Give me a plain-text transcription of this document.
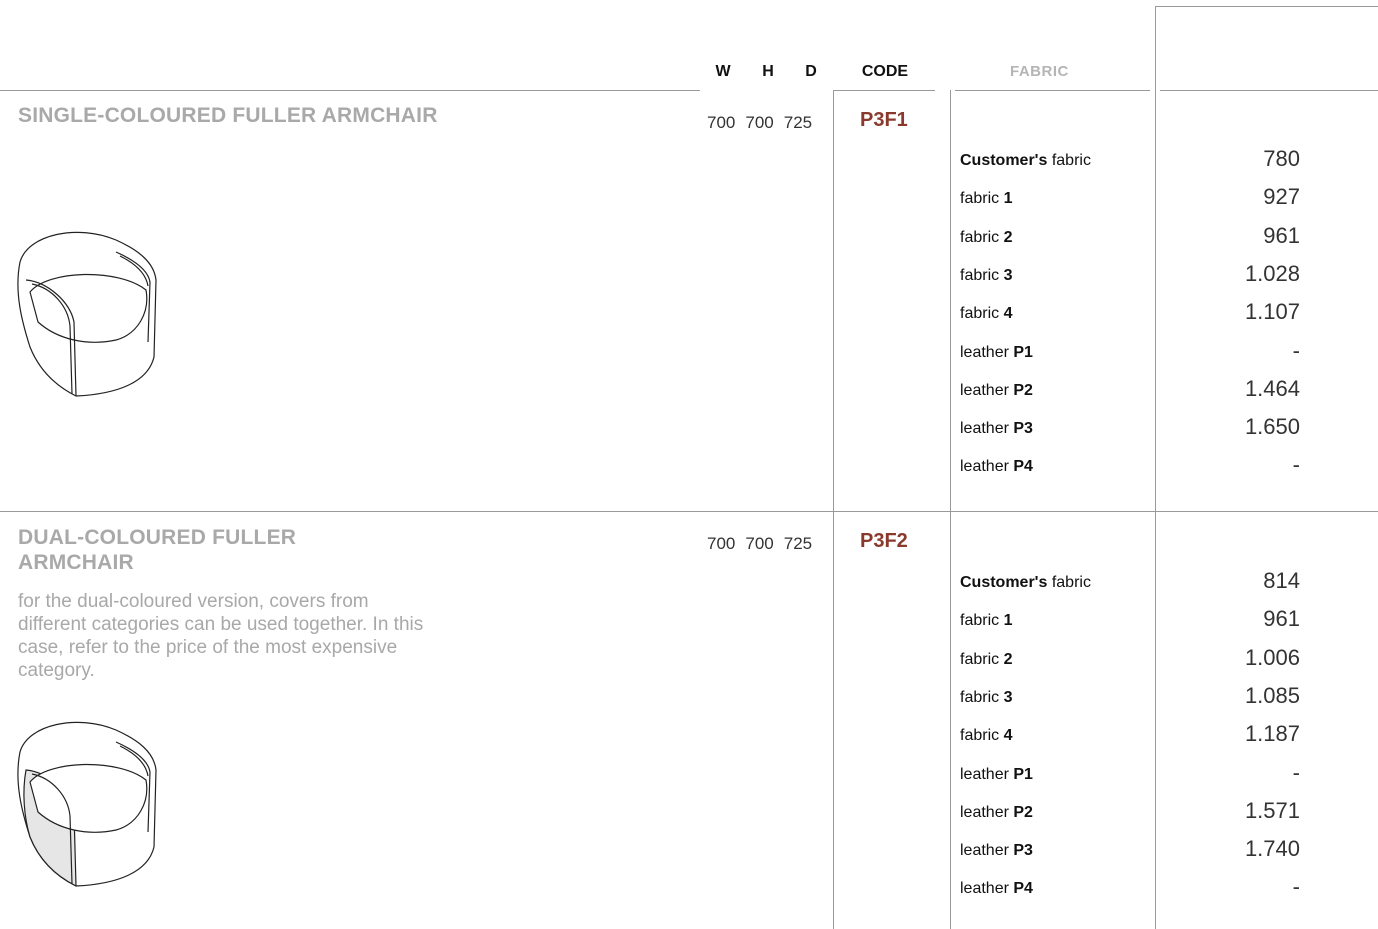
W	H	D	CODE	FABRIC
SINGLE-COLOURED FULLER ARMCHAIR	700 700 725	P3F1
Customer's fabric	780
fabric 1	927
fabric 2	961
fabric 3	1.028
fabric 4	1.107
leather P1	-
leather P2	1.464
leather P3	1.650
leather P4	-
DUAL-COLOURED FULLER
ARMCHAIR
for the dual-coloured version, covers from different categories can be used together. In this case, refer to the price of the most expensive category.
700 700 725	P3F2
Customer's fabric	814
fabric 1	961
fabric 2	1.006
fabric 3	1.085
fabric 4	1.187
leather P1	-
leather P2	1.571
leather P3	1.740
leather P4	-
